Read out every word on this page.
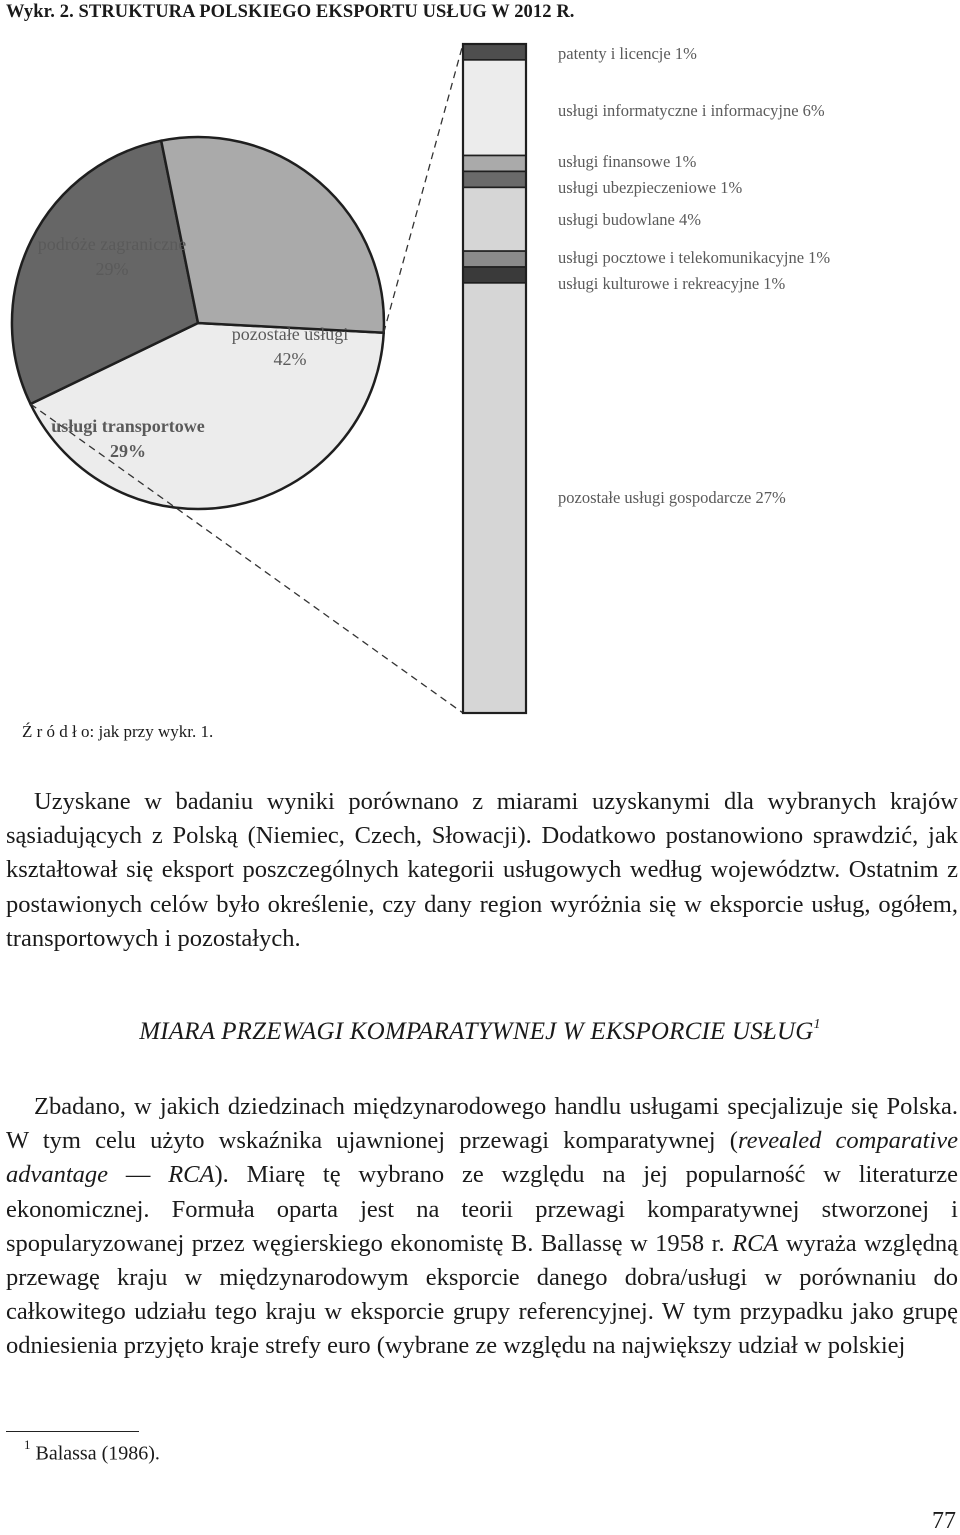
Wykr. 2. STRUKTURA POLSKIEGO EKSPORTU USŁUG W 2012 R.
pozostałe usługi
42%
usługi transportowe
29%
podróże zagraniczne
29%
patenty i licencje 1%
usługi informatyczne i informacyjne 6%
usługi finansowe 1%
usługi ubezpieczeniowe 1%
usługi budowlane 4%
usługi pocztowe i telekomunikacyjne 1%
usługi kulturowe i rekreacyjne 1%
pozostałe usługi gospodarcze 27%
Ź r ó d ł o: jak przy wykr. 1.

Uzyskane w badaniu wyniki porównano z miarami uzyskanymi dla wybranych krajów sąsiadujących z Polską (Niemiec, Czech, Słowacji). Dodatkowo postanowiono sprawdzić, jak kształtował się eksport poszczególnych kategorii usługowych według województw. Ostatnim z postawionych celów było określenie, czy dany region wyróżnia się w eksporcie usług, ogółem, transportowych i pozostałych.

MIARA PRZEWAGI KOMPARATYWNEJ W EKSPORCIE USŁUG$^1$

Zbadano, w jakich dziedzinach międzynarodowego handlu usługami specjalizuje się Polska. W tym celu użyto wskaźnika ujawnionej przewagi komparatywnej (revealed comparative advantage — RCA). Miarę tę wybrano ze względu na jej popularność w literaturze ekonomicznej. Formuła oparta jest na teorii przewagi komparatywnej stworzonej i spopularyzowanej przez węgierskiego ekonomistę B. Ballassę w 1958 r. RCA wyraża względną przewagę kraju w międzynarodowym eksporcie danego dobra/usługi w porównaniu do całkowitego udziału tego kraju w eksporcie grupy referencyjnej. W tym przypadku jako grupę odniesienia przyjęto kraje strefy euro (wybrane ze względu na największy udział w polskiej

$^1$ Balassa (1986).
77
